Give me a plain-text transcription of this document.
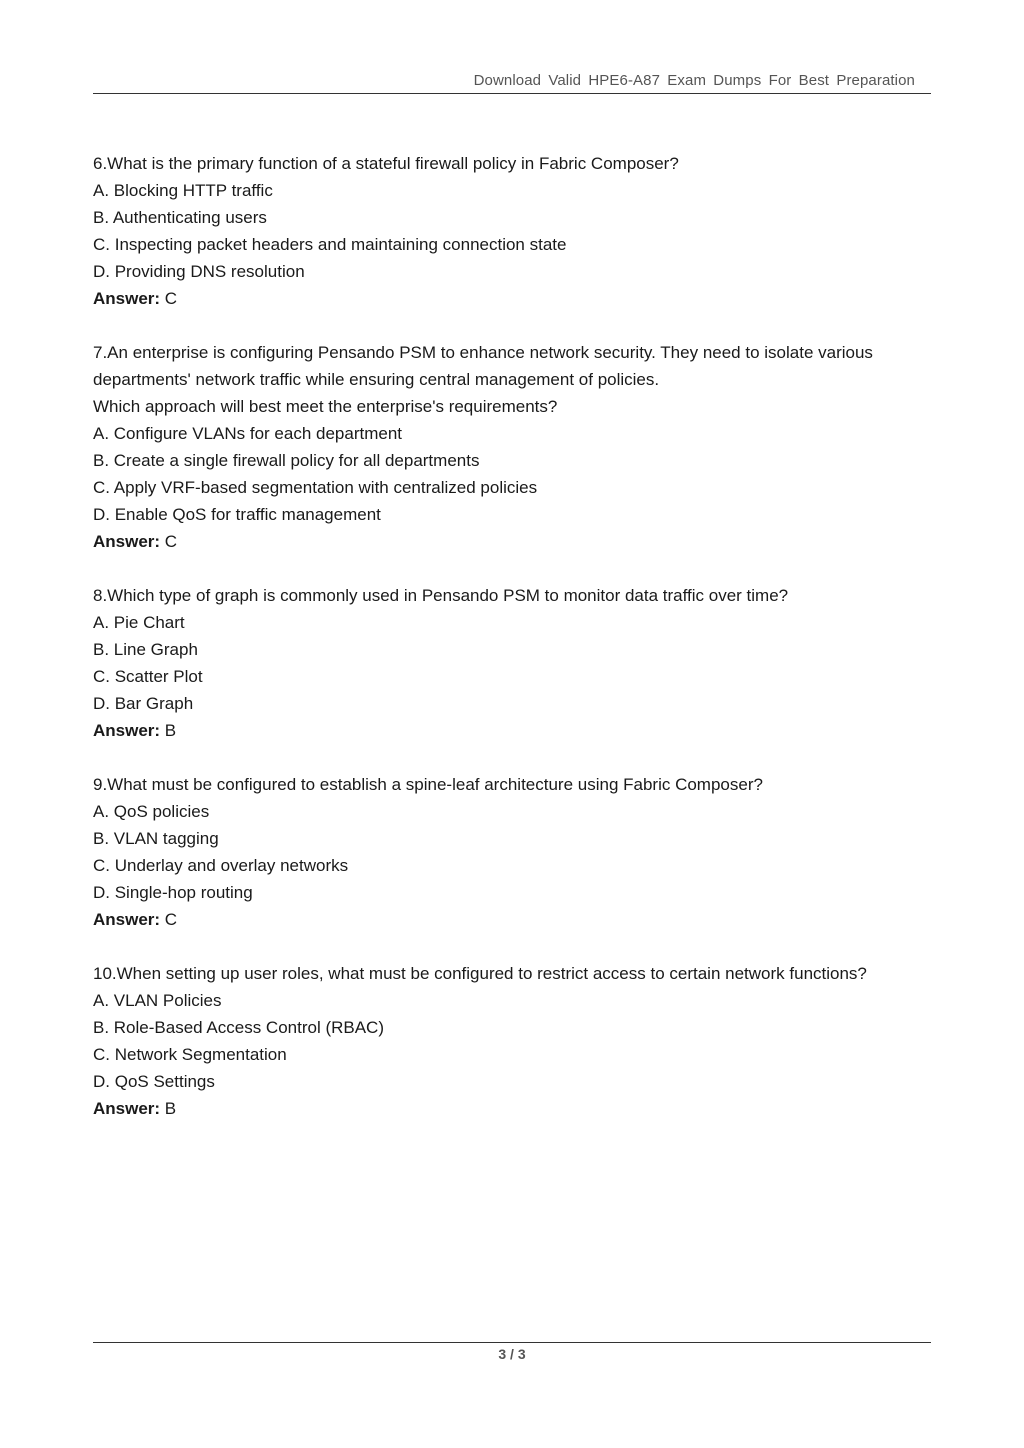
Download Valid HPE6-A87 Exam Dumps For Best Preparation

6.What is the primary function of a stateful firewall policy in Fabric Composer?

A. Blocking HTTP traffic

B. Authenticating users

C. Inspecting packet headers and maintaining connection state

D. Providing DNS resolution

Answer: C

7.An enterprise is configuring Pensando PSM to enhance network security. They need to isolate various

departments' network traffic while ensuring central management of policies.

Which approach will best meet the enterprise's requirements?

A. Configure VLANs for each department

B. Create a single firewall policy for all departments

C. Apply VRF-based segmentation with centralized policies

D. Enable QoS for traffic management

Answer: C

8.Which type of graph is commonly used in Pensando PSM to monitor data traffic over time?

A. Pie Chart

B. Line Graph

C. Scatter Plot

D. Bar Graph

Answer: B

9.What must be configured to establish a spine-leaf architecture using Fabric Composer?

A. QoS policies

B. VLAN tagging

C. Underlay and overlay networks

D. Single-hop routing

Answer: C

10.When setting up user roles, what must be configured to restrict access to certain network functions?

A. VLAN Policies

B. Role-Based Access Control (RBAC)

C. Network Segmentation

D. QoS Settings

Answer: B

3 / 3
